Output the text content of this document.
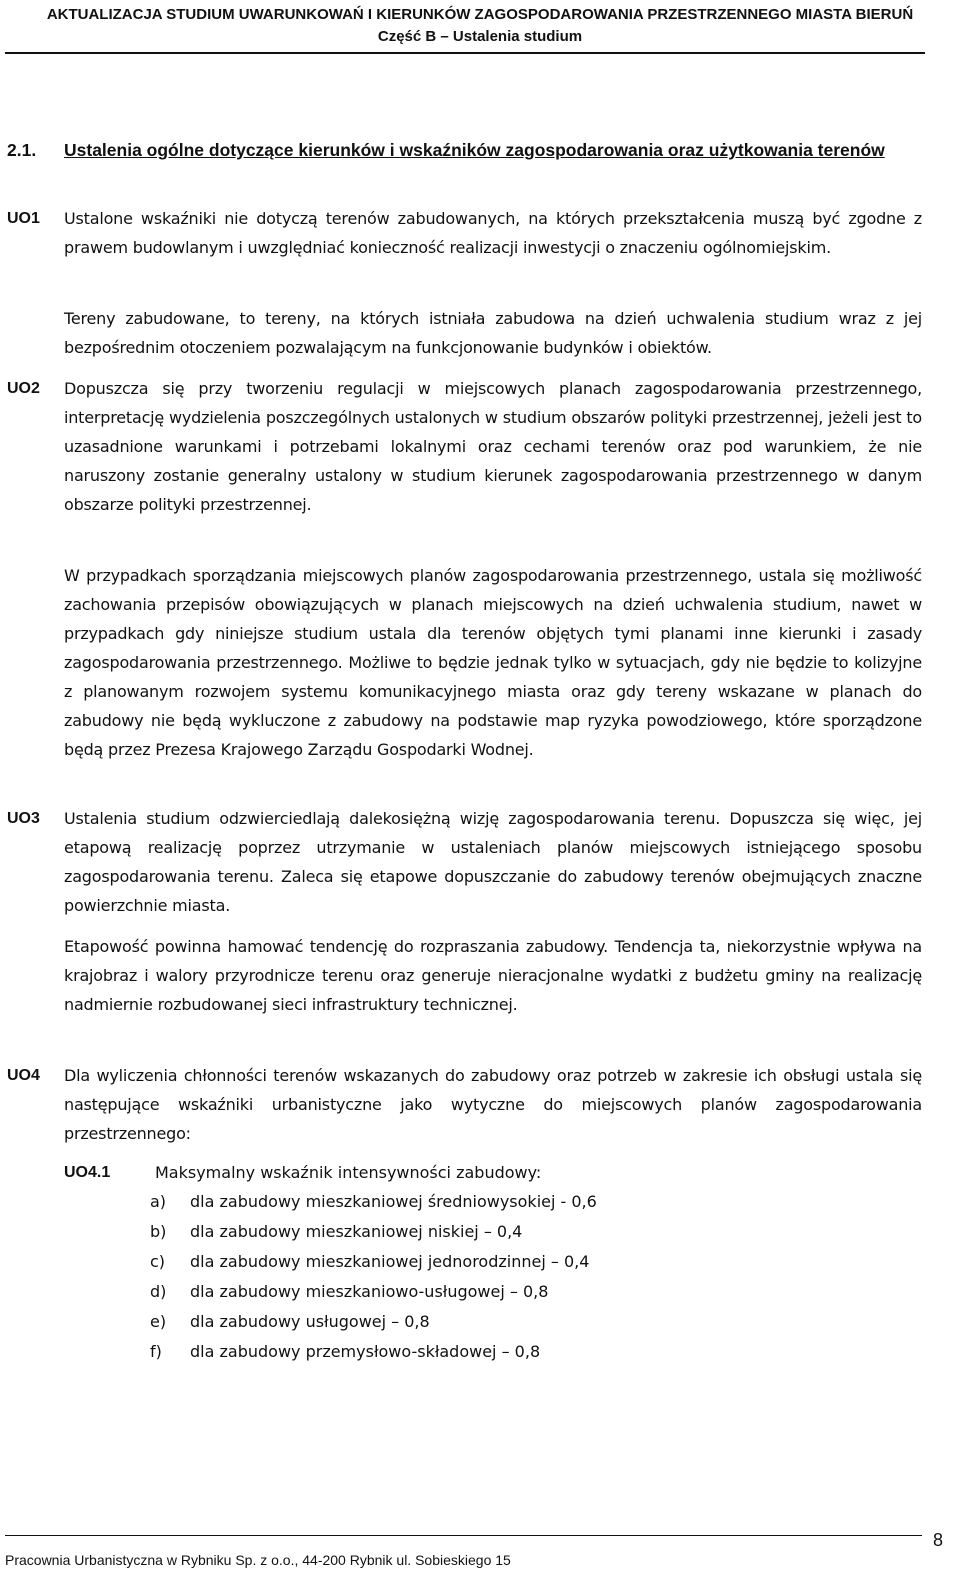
AKTUALIZACJA STUDIUM UWARUNKOWAŃ I KIERUNKÓW ZAGOSPODAROWANIA PRZESTRZENNEGO MIASTA BIERUŃ
Część B – Ustalenia studium
2.1. Ustalenia ogólne dotyczące kierunków i wskaźników zagospodarowania oraz użytkowania terenów
UO1 Ustalone wskaźniki nie dotyczą terenów zabudowanych, na których przekształcenia muszą być zgodne z prawem budowlanym i uwzględniać konieczność realizacji inwestycji o znaczeniu ogólnomiejskim.
Tereny zabudowane, to tereny, na których istniała zabudowa na dzień uchwalenia studium wraz z jej bezpośrednim otoczeniem pozwalającym na funkcjonowanie budynków i obiektów.
UO2 Dopuszcza się przy tworzeniu regulacji w miejscowych planach zagospodarowania przestrzennego, interpretację wydzielenia poszczególnych ustalonych w studium obszarów polityki przestrzennej, jeżeli jest to uzasadnione warunkami i potrzebami lokalnymi oraz cechami terenów oraz pod warunkiem, że nie naruszony zostanie generalny ustalony w studium kierunek zagospodarowania przestrzennego w danym obszarze polityki przestrzennej.
W przypadkach sporządzania miejscowych planów zagospodarowania przestrzennego, ustala się możliwość zachowania przepisów obowiązujących w planach miejscowych na dzień uchwalenia studium, nawet w przypadkach gdy niniejsze studium ustala dla terenów objętych tymi planami inne kierunki i zasady zagospodarowania przestrzennego. Możliwe to będzie jednak tylko w sytuacjach, gdy nie będzie to kolizyjne z planowanym rozwojem systemu komunikacyjnego miasta oraz gdy tereny wskazane w planach do zabudowy nie będą wykluczone z zabudowy na podstawie map ryzyka powodziowego, które sporządzone będą przez Prezesa Krajowego Zarządu Gospodarki Wodnej.
UO3 Ustalenia studium odzwierciedlają dalekosiężną wizję zagospodarowania terenu. Dopuszcza się więc, jej etapową realizację poprzez utrzymanie w ustaleniach planów miejscowych istniejącego sposobu zagospodarowania terenu. Zaleca się etapowe dopuszczanie do zabudowy terenów obejmujących znaczne powierzchnie miasta.
Etapowość powinna hamować tendencję do rozpraszania zabudowy. Tendencja ta, niekorzystnie wpływa na krajobraz i walory przyrodnicze terenu oraz generuje nieracjonalne wydatki z budżetu gminy na realizację nadmiernie rozbudowanej sieci infrastruktury technicznej.
UO4 Dla wyliczenia chłonności terenów wskazanych do zabudowy oraz potrzeb w zakresie ich obsługi ustala się następujące wskaźniki urbanistyczne jako wytyczne do miejscowych planów zagospodarowania przestrzennego:
UO4.1	Maksymalny wskaźnik intensywności zabudowy:
a) dla zabudowy mieszkaniowej średniowysokiej - 0,6
b) dla zabudowy mieszkaniowej niskiej – 0,4
c) dla zabudowy mieszkaniowej jednorodzinnej – 0,4
d) dla zabudowy mieszkaniowo-usługowej – 0,8
e) dla zabudowy usługowej – 0,8
f) dla zabudowy przemysłowo-składowej – 0,8
Pracownia Urbanistyczna w Rybniku Sp. z o.o., 44-200 Rybnik ul. Sobieskiego 15
8
